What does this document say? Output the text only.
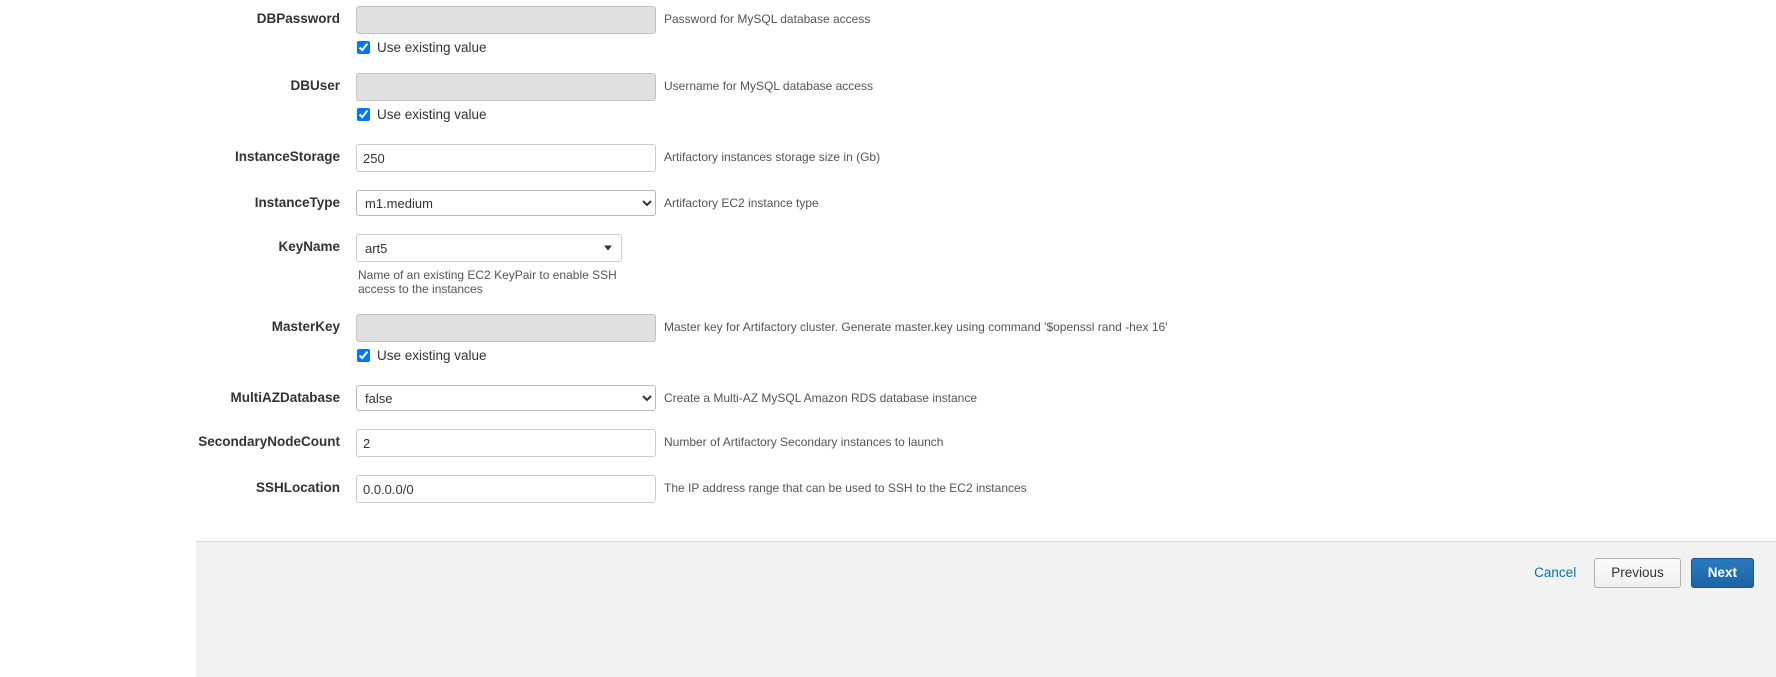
DBPassword
Use existing value
Password for MySQL database access
DBUser
Use existing value
Username for MySQL database access
InstanceStorage
250	Artifactory instances storage size in (Gb)
InstanceType
m1.medium	Artifactory EC2 instance type
KeyName	art5
Name of an existing EC2 KeyPair to enable SSH access to the instances
MasterKey
Use existing value
Master key for Artifactory cluster. Generate master.key using command '$openssl rand -hex 16'
MultiAZDatabase
false	Create a Multi-AZ MySQL Amazon RDS database instance
SecondaryNodeCount
2	Number of Artifactory Secondary instances to launch
SSHLocation
0.0.0.0/0	The IP address range that can be used to SSH to the EC2 instances
Cancel	Previous	Next
